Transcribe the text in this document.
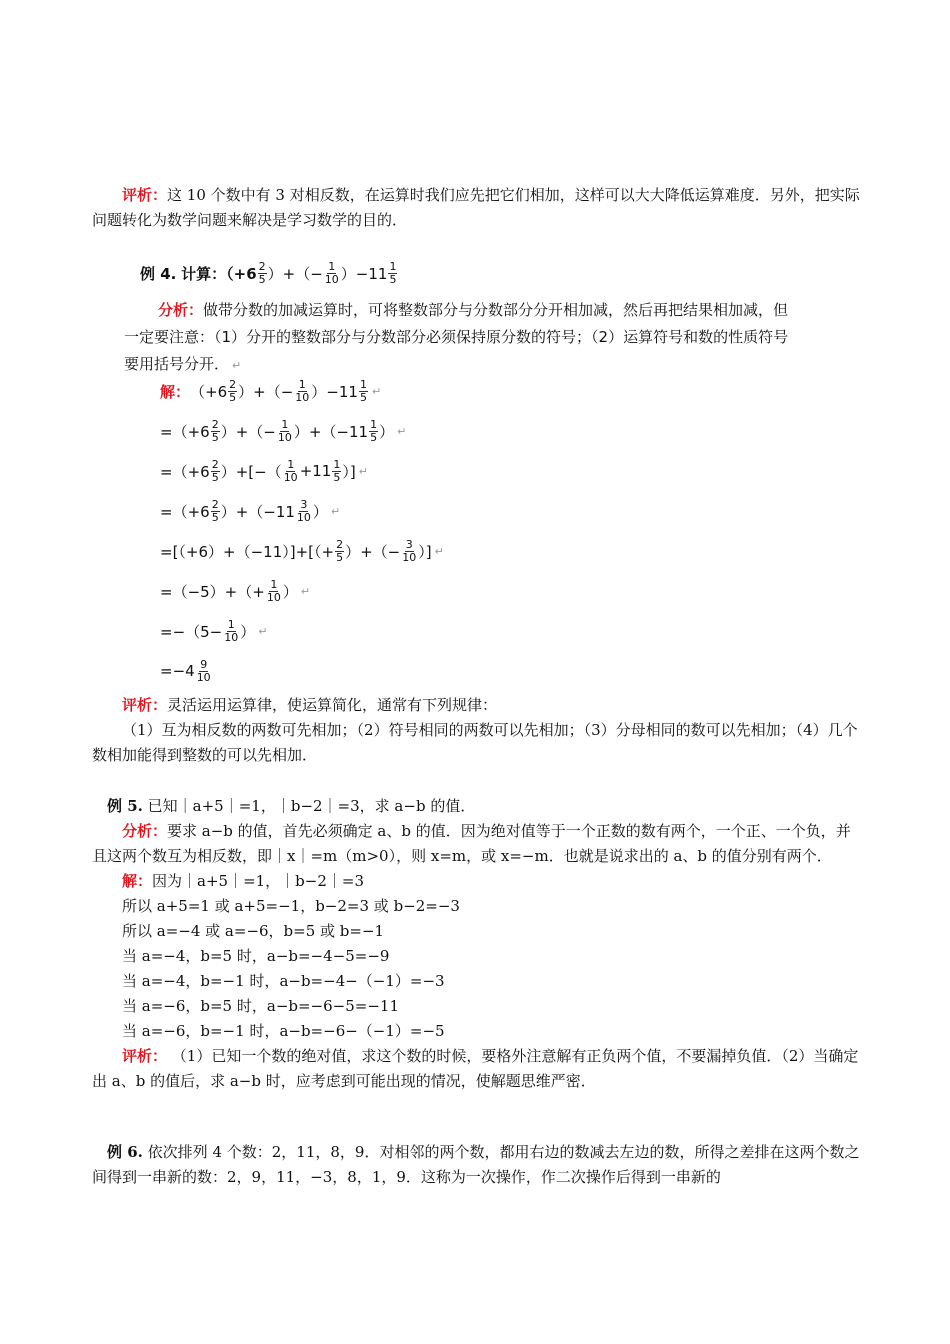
评析：这 10 个数中有 3 对相反数，在运算时我们应先把它们相加，这样可以大大降低运算难度．另外，把实际问题转化为数学问题来解决是学习数学的目的．
例 4.
计算：（$+6 \frac{2}{5}$ ）+（− $\frac{1}{10} )-11 \frac{1}{5}$
分析：做带分数的加减运算时，可将整数部分与分数部分分开相加减，然后再把结果相加减，但一定要注意：（1）分开的整数部分与分数部分必须保持原分数的符号；（2）运算符号和数的性质符号要用括号分开． ↵
解： （$+6 \frac{2}{5}$ ）+（− $\frac{1}{10} )-11 \frac{1}{5}$ ↵
$=(+6 \frac{2}{5}$ ）+（− $\frac{1}{10} )+(-11 \frac{1}{5}$ ） ↵
$=(+6 \frac{2}{5}$ ）+[−（ $\frac{1}{10} +11 \frac{1}{5}$ ）] ↵
$=(+6 \frac{2}{5} )+(-11 \frac{3}{10}$ ） ↵
$=[(+6)+(-11)]+[(+ \frac{2}{5}$ ）+（− $\frac{3}{10}$ ）] ↵
$=(-5)+(+ \frac{1}{10}$ ） ↵
$=-(5- \frac{1}{10}$ ） ↵
$=-4 \frac{9}{10}$
评析：灵活运用运算律，使运算简化，通常有下列规律：
（1）互为相反数的两数可先相加；（2）符号相同的两数可以先相加；（3）分母相同的数可以先相加；（4）几个数相加能得到整数的可以先相加．
例 5. 已知｜a+5｜=1，｜b−2｜=3，求 a−b 的值．
分析：要求 a−b 的值，首先必须确定 a、b 的值．因为绝对值等于一个正数的数有两个，一个正、一个负，并且这两个数互为相反数，即｜x｜=m（m>0），则 x=m，或 x=−m．也就是说求出的 a、b 的值分别有两个．
解：因为｜a+5｜=1，｜b−2｜=3
所以 a+5=1 或 a+5=−1，b−2=3 或 b−2=−3
所以 a=−4 或 a=−6，b=5 或 b=−1
当 a=−4，b=5 时，a−b=−4−5=−9
当 a=−4，b=−1 时，a−b=−4−（−1）=−3
当 a=−6，b=5 时，a−b=−6−5=−11
当 a=−6，b=−1 时，a−b=−6−（−1）=−5
评析： （1）已知一个数的绝对值，求这个数的时候，要格外注意解有正负两个值，不要漏掉负值．（2）当确定出 a、b 的值后，求 a−b 时，应考虑到可能出现的情况，使解题思维严密．
例 6. 依次排列 4 个数：2，11，8，9．对相邻的两个数，都用右边的数减去左边的数，所得之差排在这两个数之间得到一串新的数：2，9，11，−3，8，1，9．这称为一次操作，作二次操作后得到一串新的
